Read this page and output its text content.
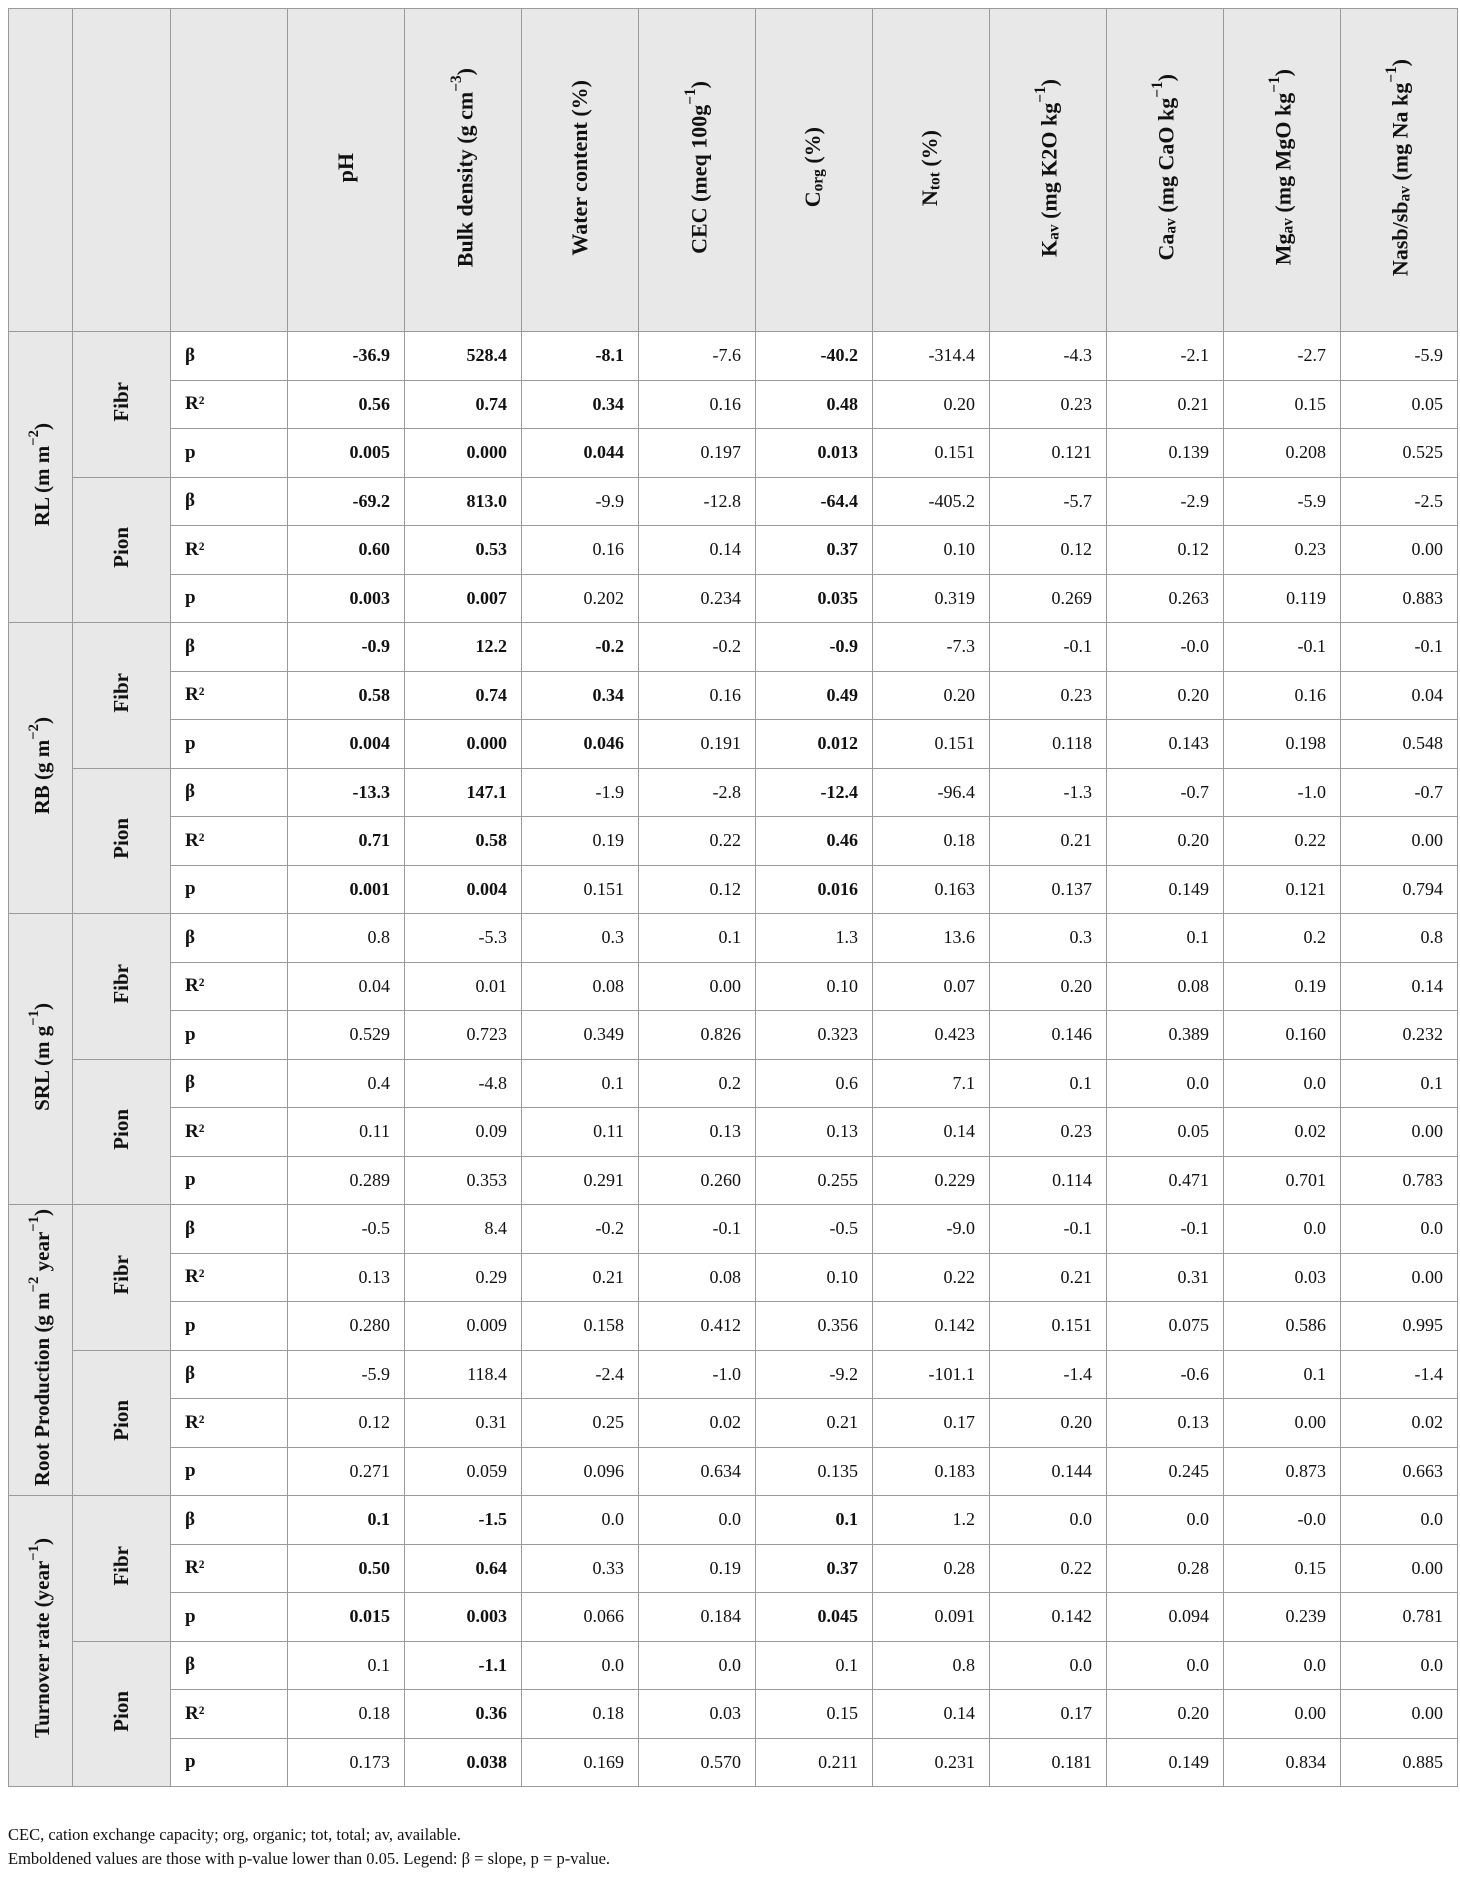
			pH	Bulk density (g $cm^{-3}$)	Water content (%)	CEC (meq $100g^{-1}$)	$C_{org}$ (%)	$N_{tot}$ (%)	$K_{av}$ (mg K2O $kg^{-1}$)	$Ca_{av}$ (mg CaO $kg^{-1}$)	$Mg_{av}$ (mg MgO $kg^{-1}$)	Nasb/$sb_{av}$ (mg Na $kg^{-1}$)
RL (m $m^{-2}$)	Fibr	β	-36.9	528.4	-8.1	-7.6	-40.2	-314.4	-4.3	-2.1	-2.7	-5.9
		R²	0.56	0.74	0.34	0.16	0.48	0.20	0.23	0.21	0.15	0.05
		p	0.005	0.000	0.044	0.197	0.013	0.151	0.121	0.139	0.208	0.525
	Pion	β	-69.2	813.0	-9.9	-12.8	-64.4	-405.2	-5.7	-2.9	-5.9	-2.5
		R²	0.60	0.53	0.16	0.14	0.37	0.10	0.12	0.12	0.23	0.00
		p	0.003	0.007	0.202	0.234	0.035	0.319	0.269	0.263	0.119	0.883
RB (g $m^{-2}$)	Fibr	β	-0.9	12.2	-0.2	-0.2	-0.9	-7.3	-0.1	-0.0	-0.1	-0.1
		R²	0.58	0.74	0.34	0.16	0.49	0.20	0.23	0.20	0.16	0.04
		p	0.004	0.000	0.046	0.191	0.012	0.151	0.118	0.143	0.198	0.548
	Pion	β	-13.3	147.1	-1.9	-2.8	-12.4	-96.4	-1.3	-0.7	-1.0	-0.7
		R²	0.71	0.58	0.19	0.22	0.46	0.18	0.21	0.20	0.22	0.00
		p	0.001	0.004	0.151	0.12	0.016	0.163	0.137	0.149	0.121	0.794
SRL (m $g^{-1}$)	Fibr	β	0.8	-5.3	0.3	0.1	1.3	13.6	0.3	0.1	0.2	0.8
		R²	0.04	0.01	0.08	0.00	0.10	0.07	0.20	0.08	0.19	0.14
		p	0.529	0.723	0.349	0.826	0.323	0.423	0.146	0.389	0.160	0.232
	Pion	β	0.4	-4.8	0.1	0.2	0.6	7.1	0.1	0.0	0.0	0.1
		R²	0.11	0.09	0.11	0.13	0.13	0.14	0.23	0.05	0.02	0.00
		p	0.289	0.353	0.291	0.260	0.255	0.229	0.114	0.471	0.701	0.783
Root Production (g $m^{-2}$ year$^{-1}$)	Fibr	β	-0.5	8.4	-0.2	-0.1	-0.5	-9.0	-0.1	-0.1	0.0	0.0
		R²	0.13	0.29	0.21	0.08	0.10	0.22	0.21	0.31	0.03	0.00
		p	0.280	0.009	0.158	0.412	0.356	0.142	0.151	0.075	0.586	0.995
	Pion	β	-5.9	118.4	-2.4	-1.0	-9.2	-101.1	-1.4	-0.6	0.1	-1.4
		R²	0.12	0.31	0.25	0.02	0.21	0.17	0.20	0.13	0.00	0.02
		p	0.271	0.059	0.096	0.634	0.135	0.183	0.144	0.245	0.873	0.663
Turnover rate (year$^{-1}$)	Fibr	β	0.1	-1.5	0.0	0.0	0.1	1.2	0.0	0.0	-0.0	0.0
		R²	0.50	0.64	0.33	0.19	0.37	0.28	0.22	0.28	0.15	0.00
		p	0.015	0.003	0.066	0.184	0.045	0.091	0.142	0.094	0.239	0.781
	Pion	β	0.1	-1.1	0.0	0.0	0.1	0.8	0.0	0.0	0.0	0.0
		R²	0.18	0.36	0.18	0.03	0.15	0.14	0.17	0.20	0.00	0.00
		p	0.173	0.038	0.169	0.570	0.211	0.231	0.181	0.149	0.834	0.885
CEC, cation exchange capacity; org, organic; tot, total; av, available.
Emboldened values are those with p-value lower than 0.05. Legend: β = slope, p = p-value.
